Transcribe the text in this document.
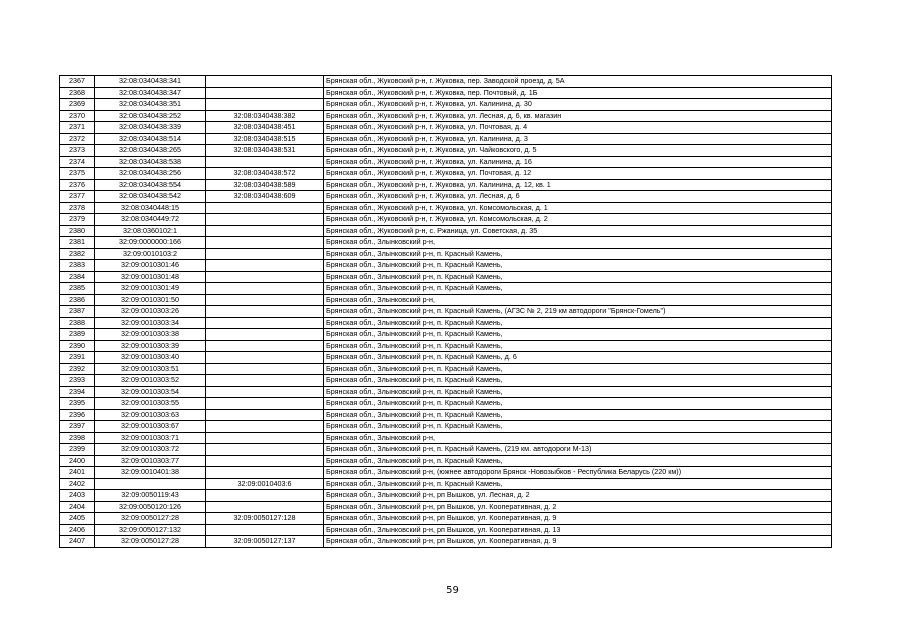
2367	32:08:0340438:341		Брянская обл., Жуковский р-н, г. Жуковка, пер. Заводской проезд, д. 5А
2368	32:08:0340438:347		Брянская обл., Жуковский р-н, г. Жуковка, пер. Почтовый, д. 1Б
2369	32:08:0340438:351		Брянская обл., Жуковский р-н, г. Жуковка, ул. Калинина, д. 30
2370	32:08:0340438:252	32:08:0340438:382	Брянская обл., Жуковский р-н, г. Жуковка, ул. Лесная, д. 6, кв. магазин
2371	32:08:0340438:339	32:08:0340438:451	Брянская обл., Жуковский р-н, г. Жуковка, ул. Почтовая, д. 4
2372	32:08:0340438:514	32:08:0340438:515	Брянская обл., Жуковский р-н, г. Жуковка, ул. Калинина, д. 3
2373	32:08:0340438:265	32:08:0340438:531	Брянская обл., Жуковский р-н, г. Жуковка, ул. Чайковского, д. 5
2374	32:08:0340438:538		Брянская обл., Жуковский р-н, г. Жуковка, ул. Калинина, д. 16
2375	32:08:0340438:256	32:08:0340438:572	Брянская обл., Жуковский р-н, г. Жуковка, ул. Почтовая, д. 12
2376	32:08:0340438:554	32:08:0340438:589	Брянская обл., Жуковский р-н, г. Жуковка, ул. Калинина, д. 12, кв. 1
2377	32:08:0340438:542	32:08:0340438:609	Брянская обл., Жуковский р-н, г. Жуковка, ул. Лесная, д. 6
2378	32:08:0340448:15		Брянская обл., Жуковский р-н, г. Жуковка, ул. Комсомольская, д. 1
2379	32:08:0340449:72		Брянская обл., Жуковский р-н, г. Жуковка, ул. Комсомольская, д. 2
2380	32:08:0360102:1		Брянская обл., Жуковский р-н, с. Ржаница, ул. Советская, д. 35
2381	32:09:0000000:166		Брянская обл., Злынковский р-н,
2382	32:09:0010103:2		Брянская обл., Злынковский р-н, п. Красный Камень,
2383	32:09:0010301:46		Брянская обл., Злынковский р-н, п. Красный Камень,
2384	32:09:0010301:48		Брянская обл., Злынковский р-н, п. Красный Камень,
2385	32:09:0010301:49		Брянская обл., Злынковский р-н, п. Красный Камень,
2386	32:09:0010301:50		Брянская обл., Злынковский р-н,
2387	32:09:0010303:26		Брянская обл., Злынковский р-н, п. Красный Камень, (АГЗС № 2, 219 км автодороги "Брянск-Гомель")
2388	32:09:0010303:34		Брянская обл., Злынковский р-н, п. Красный Камень,
2389	32:09:0010303:38		Брянская обл., Злынковский р-н, п. Красный Камень,
2390	32:09:0010303:39		Брянская обл., Злынковский р-н, п. Красный Камень,
2391	32:09:0010303:40		Брянская обл., Злынковский р-н, п. Красный Камень, д. 6
2392	32:09:0010303:51		Брянская обл., Злынковский р-н, п. Красный Камень,
2393	32:09:0010303:52		Брянская обл., Злынковский р-н, п. Красный Камень,
2394	32:09:0010303:54		Брянская обл., Злынковский р-н, п. Красный Камень,
2395	32:09:0010303:55		Брянская обл., Злынковский р-н, п. Красный Камень,
2396	32:09:0010303:63		Брянская обл., Злынковский р-н, п. Красный Камень,
2397	32:09:0010303:67		Брянская обл., Злынковский р-н, п. Красный Камень,
2398	32:09:0010303:71		Брянская обл., Злынковский р-н,
2399	32:09:0010303:72		Брянская обл., Злынковский р-н, п. Красный Камень, (219 км. автодороги М-13)
2400	32:09:0010303:77		Брянская обл., Злынковский р-н, п. Красный Камень,
2401	32:09:0010401:38		Брянская обл., Злынковский р-н, (южнее автодороги Брянск -Новозыбков - Республика Беларусь (220 км))
2402		32:09:0010403:6	Брянская обл., Злынковский р-н, п. Красный Камень,
2403	32:09:0050119:43		Брянская обл., Злынковский р-н, рп Вышков, ул. Лесная, д. 2
2404	32:09:0050120:126		Брянская обл., Злынковский р-н, рп Вышков, ул. Кооперативная, д. 2
2405	32:09:0050127:28	32:09:0050127:128	Брянская обл., Злынковский р-н, рп Вышков, ул. Кооперативная, д. 9
2406	32:09:0050127:132		Брянская обл., Злынковский р-н, рп Вышков, ул. Кооперативная, д. 13
2407	32:09:0050127:28	32:09:0050127:137	Брянская обл., Злынковский р-н, рп Вышков, ул. Кооперативная, д. 9
59
